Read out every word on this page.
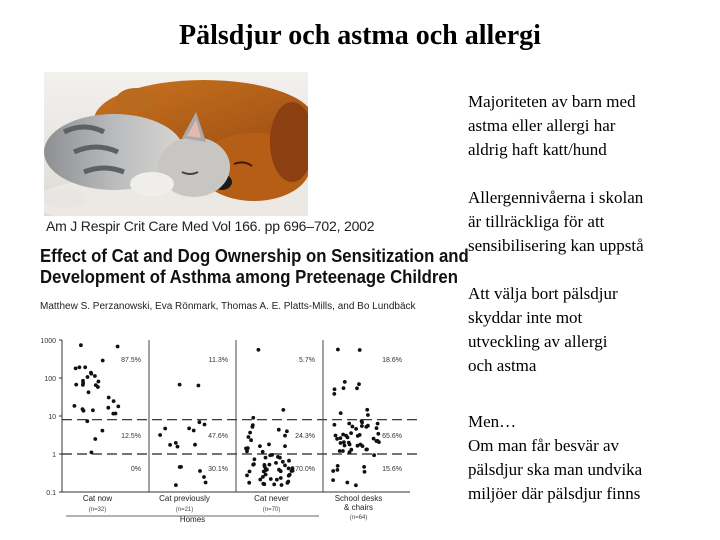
Pälsdjur och astma och allergi
Am J Respir Crit Care Med Vol 166. pp 696–702, 2002
Effect of Cat and Dog Ownership on Sensitization and
Development of Asthma among Preteenage Children
Matthew S. Perzanowski, Eva Rönmark, Thomas A. E. Platts-Mills, and Bo Lundbäck
1000
100
10
1
0.1
87.5%
12.5%
0%
Cat now
(n=32)
11.3%
47.6%
30.1%
Cat previously
(n=21)
5.7%
24.3%
70.0%
Cat never
(n=70)
18.6%
65.6%
15.6%
School desks
& chairs
(n=64)
Homes
Majoriteten av barn med
astma eller allergi har
aldrig haft katt/hund
Allergennivåerna i skolan
är tillräckliga för att
sensibilisering kan uppstå
Att välja bort pälsdjur
skyddar inte mot
utveckling av allergi
och astma
Men…
Om man får besvär av
pälsdjur ska man undvika
miljöer där pälsdjur finns
